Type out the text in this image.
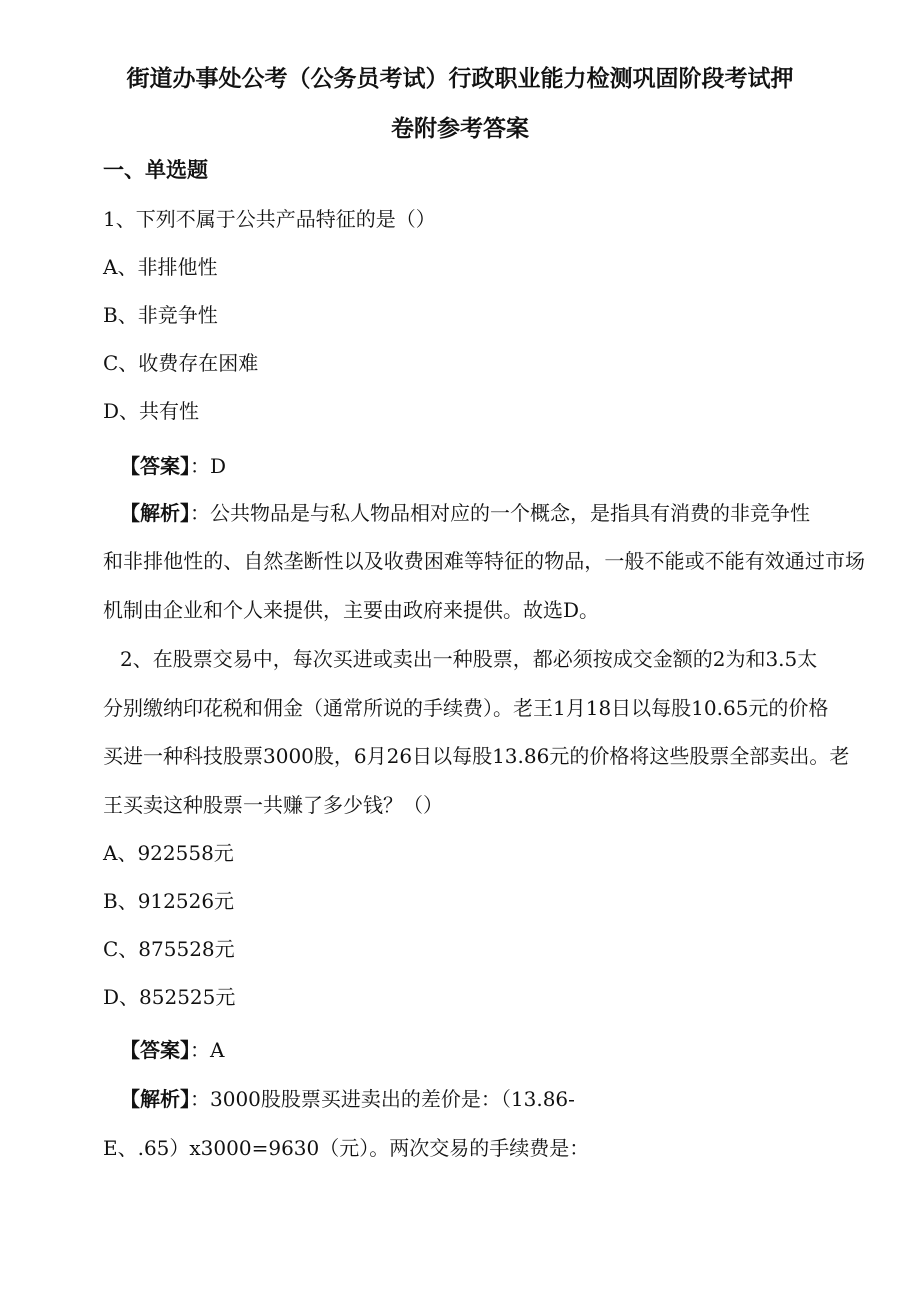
街道办事处公考（公务员考试）行政职业能力检测巩固阶段考试押
卷附参考答案
一、单选题
1、下列不属于公共产品特征的是（）
A、非排他性
B、非竞争性
C、收费存在困难
D、共有性
【答案】：D
【解析】：公共物品是与私人物品相对应的一个概念，是指具有消费的非竞争性
和非排他性的、自然垄断性以及收费困难等特征的物品，一般不能或不能有效通过市场
机制由企业和个人来提供，主要由政府来提供。故选D。
2、在股票交易中，每次买进或卖出一种股票，都必须按成交金额的2为和3.5太
分别缴纳印花税和佣金（通常所说的手续费）。老王1月18日以每股10.65元的价格
买进一种科技股票3000股，6月26日以每股13.86元的价格将这些股票全部卖出。老
王买卖这种股票一共赚了多少钱？（）
A、922558元
B、912526元
C、875528元
D、852525元
【答案】：A
【解析】：3000股股票买进卖出的差价是：（13.86-
E、.65）x3000=9630（元）。两次交易的手续费是：
